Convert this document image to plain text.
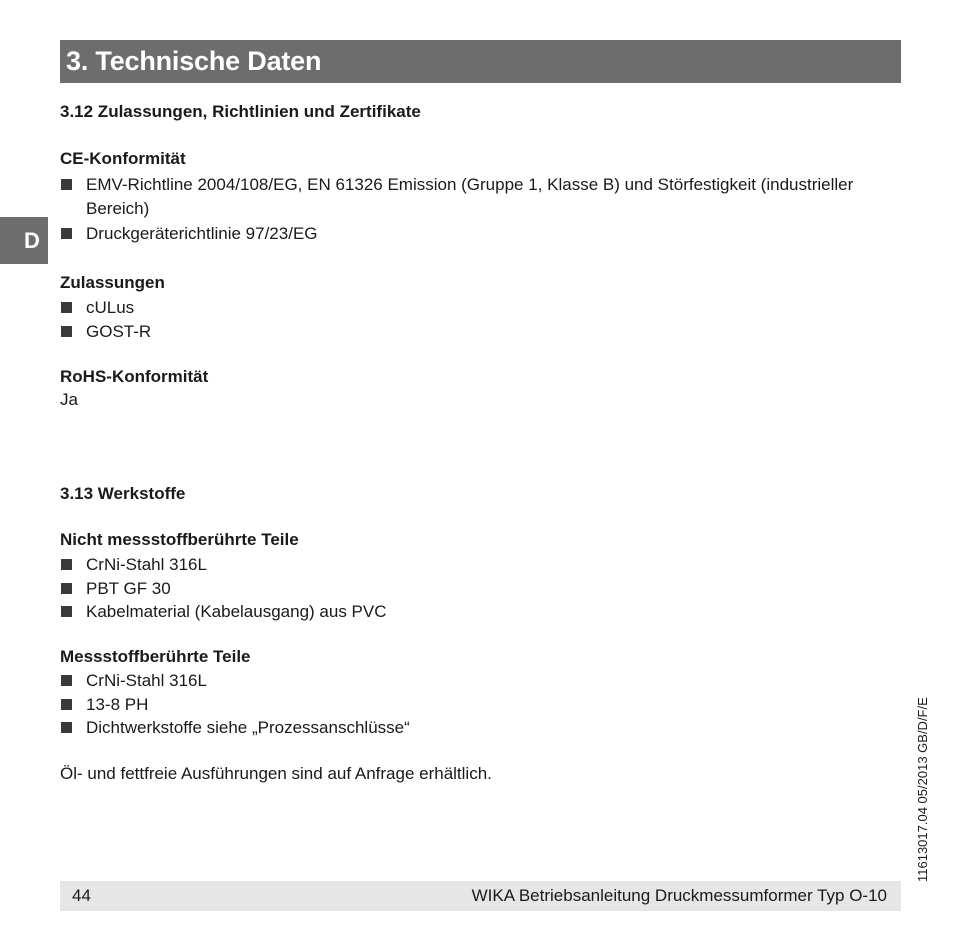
3. Technische Daten
D
3.12 Zulassungen, Richtlinien und Zertifikate
CE-Konformität
EMV-Richtline 2004/108/EG, EN 61326 Emission (Gruppe 1, Klasse B) und Störfestigkeit (industrieller Bereich)
Druckgeräterichtlinie 97/23/EG
Zulassungen
cULus
GOST-R
RoHS-Konformität
Ja
3.13 Werkstoffe
Nicht messstoffberührte Teile
CrNi-Stahl 316L
PBT GF 30
Kabelmaterial (Kabelausgang) aus PVC
Messstoffberührte Teile
CrNi-Stahl 316L
13-8 PH
Dichtwerkstoffe siehe „Prozessanschlüsse“
Öl- und fettfreie Ausführungen sind auf Anfrage erhältlich.
44	WIKA Betriebsanleitung Druckmessumformer Typ O-10
11613017.04 05/2013 GB/D/F/E
